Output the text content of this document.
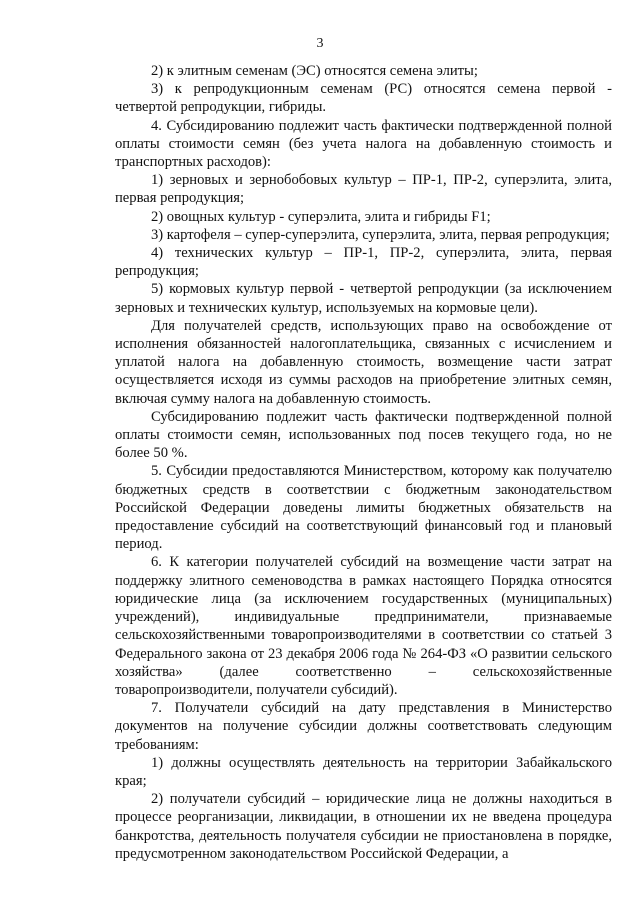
3

2) к элитным семенам (ЭС) относятся семена элиты;

3) к репродукционным семенам (РС) относятся семена первой - четвертой репродукции, гибриды.

4. Субсидированию подлежит часть фактически подтвержденной полной оплаты стоимости семян (без учета налога на добавленную стоимость и транспортных расходов):

1) зерновых и зернобобовых культур – ПР-1, ПР-2, суперэлита, элита, первая репродукция;

2) овощных культур - суперэлита, элита и гибриды F1;

3) картофеля – супер-суперэлита, суперэлита, элита, первая репродукция;

4) технических культур – ПР-1, ПР-2, суперэлита, элита, первая репродукция;

5) кормовых культур первой - четвертой репродукции (за исключением зерновых и технических культур, используемых на кормовые цели).

Для получателей средств, использующих право на освобождение от исполнения обязанностей налогоплательщика, связанных с исчислением и уплатой налога на добавленную стоимость, возмещение части затрат осуществляется исходя из суммы расходов на приобретение элитных семян, включая сумму налога на добавленную стоимость.

Субсидированию подлежит часть фактически подтвержденной полной оплаты стоимости семян, использованных под посев текущего года, но не более 50 %.

5. Субсидии предоставляются Министерством, которому как получателю бюджетных средств в соответствии с бюджетным законодательством Российской Федерации доведены лимиты бюджетных обязательств на предоставление субсидий на соответствующий финансовый год и плановый период.

6. К категории получателей субсидий на возмещение части затрат на поддержку элитного семеноводства в рамках настоящего Порядка относятся юридические лица (за исключением государственных (муниципальных) учреждений), индивидуальные предприниматели, признаваемые сельскохозяйственными товаропроизводителями в соответствии со статьей 3 Федерального закона от 23 декабря 2006 года № 264-ФЗ «О развитии сельского хозяйства» (далее соответственно – сельскохозяйственные товаропроизводители, получатели субсидий).

7. Получатели субсидий на дату представления в Министерство документов на получение субсидии должны соответствовать следующим требованиям:

1) должны осуществлять деятельность на территории Забайкальского края;

2) получатели субсидий – юридические лица не должны находиться в процессе реорганизации, ликвидации, в отношении их не введена процедура банкротства, деятельность получателя субсидии не приостановлена в порядке, предусмотренном законодательством Российской Федерации, а
